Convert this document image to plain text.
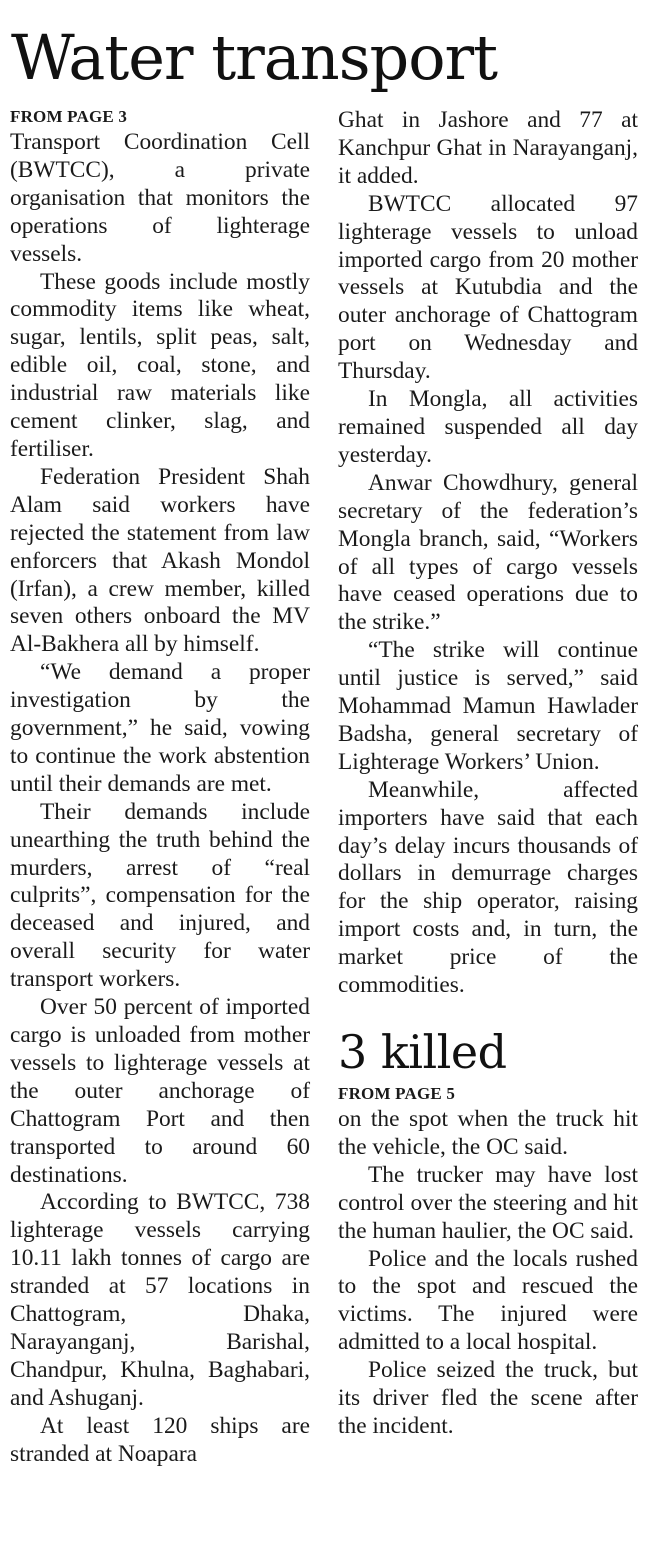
Water transport
FROM PAGE 3

Transport Coordination Cell (BWTCC), a private organisation that monitors the operations of lighterage vessels.

These goods include mostly commodity items like wheat, sugar, lentils, split peas, salt, edible oil, coal, stone, and industrial raw materials like cement clinker, slag, and fertiliser.

Federation President Shah Alam said workers have rejected the statement from law enforcers that Akash Mondol (Irfan), a crew member, killed seven others onboard the MV Al-Bakhera all by himself.

“We demand a proper investigation by the government,” he said, vowing to continue the work abstention until their demands are met.

Their demands include unearthing the truth behind the murders, arrest of “real culprits”, compensation for the deceased and injured, and overall security for water transport workers.

Over 50 percent of imported cargo is unloaded from mother vessels to lighterage vessels at the outer anchorage of Chattogram Port and then transported to around 60 destinations.

According to BWTCC, 738 lighterage vessels carrying 10.11 lakh tonnes of cargo are stranded at 57 locations in Chattogram, Dhaka, Narayanganj, Barishal, Chandpur, Khulna, Baghabari, and Ashuganj.

At least 120 ships are stranded at Noapara

Ghat in Jashore and 77 at Kanchpur Ghat in Narayanganj, it added.

BWTCC allocated 97 lighterage vessels to unload imported cargo from 20 mother vessels at Kutubdia and the outer anchorage of Chattogram port on Wednesday and Thursday.

In Mongla, all activities remained suspended all day yesterday.

Anwar Chowdhury, general secretary of the federation’s Mongla branch, said, “Workers of all types of cargo vessels have ceased operations due to the strike.”

“The strike will continue until justice is served,” said Mohammad Mamun Hawlader Badsha, general secretary of Lighterage Workers’ Union.

Meanwhile, affected importers have said that each day’s delay incurs thousands of dollars in demurrage charges for the ship operator, raising import costs and, in turn, the market price of the commodities.

3 killed
FROM PAGE 5

on the spot when the truck hit the vehicle, the OC said.

The trucker may have lost control over the steering and hit the human haulier, the OC said.

Police and the locals rushed to the spot and rescued the victims. The injured were admitted to a local hospital.

Police seized the truck, but its driver fled the scene after the incident.
